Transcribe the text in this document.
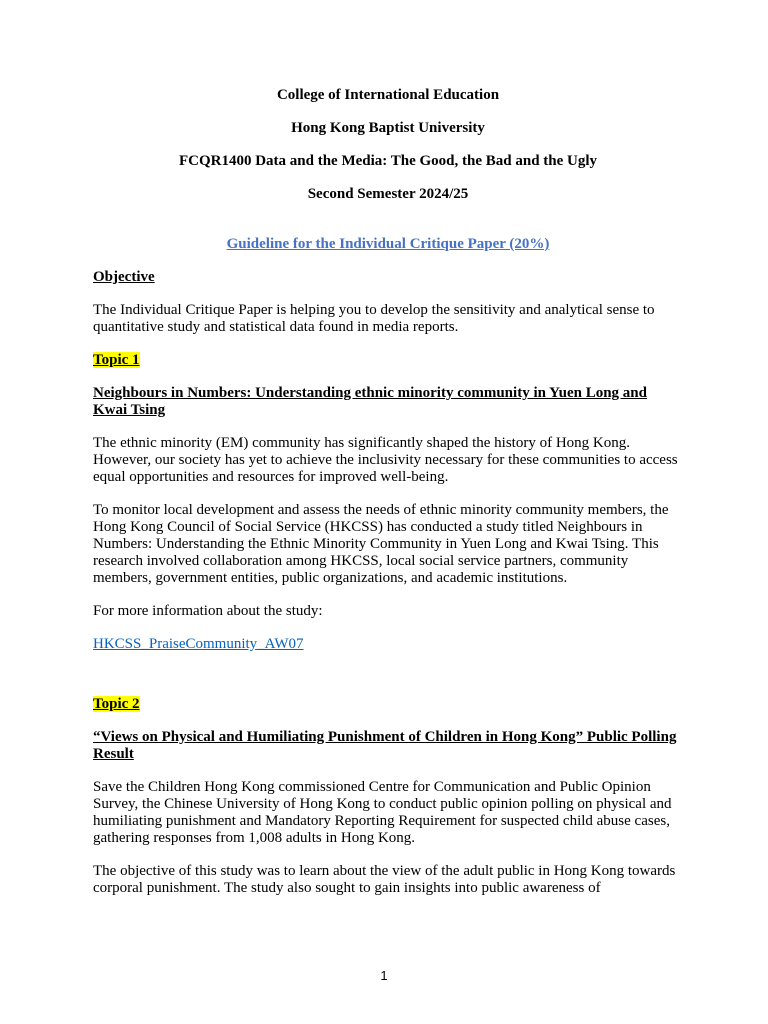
College of International Education

Hong Kong Baptist University

FCQR1400 Data and the Media: The Good, the Bad and the Ugly

Second Semester 2024/25

Guideline for the Individual Critique Paper (20%)

Objective

The Individual Critique Paper is helping you to develop the sensitivity and analytical sense to quantitative study and statistical data found in media reports.

Topic 1

Neighbours in Numbers: Understanding ethnic minority community in Yuen Long and Kwai Tsing

The ethnic minority (EM) community has significantly shaped the history of Hong Kong. However, our society has yet to achieve the inclusivity necessary for these communities to access equal opportunities and resources for improved well-being.

To monitor local development and assess the needs of ethnic minority community members, the Hong Kong Council of Social Service (HKCSS) has conducted a study titled Neighbours in Numbers: Understanding the Ethnic Minority Community in Yuen Long and Kwai Tsing. This research involved collaboration among HKCSS, local social service partners, community members, government entities, public organizations, and academic institutions.

For more information about the study:

HKCSS_PraiseCommunity_AW07

Topic 2

“Views on Physical and Humiliating Punishment of Children in Hong Kong” Public Polling Result

Save the Children Hong Kong commissioned Centre for Communication and Public Opinion Survey, the Chinese University of Hong Kong to conduct public opinion polling on physical and humiliating punishment and Mandatory Reporting Requirement for suspected child abuse cases, gathering responses from 1,008 adults in Hong Kong.

The objective of this study was to learn about the view of the adult public in Hong Kong towards corporal punishment. The study also sought to gain insights into public awareness of

1
